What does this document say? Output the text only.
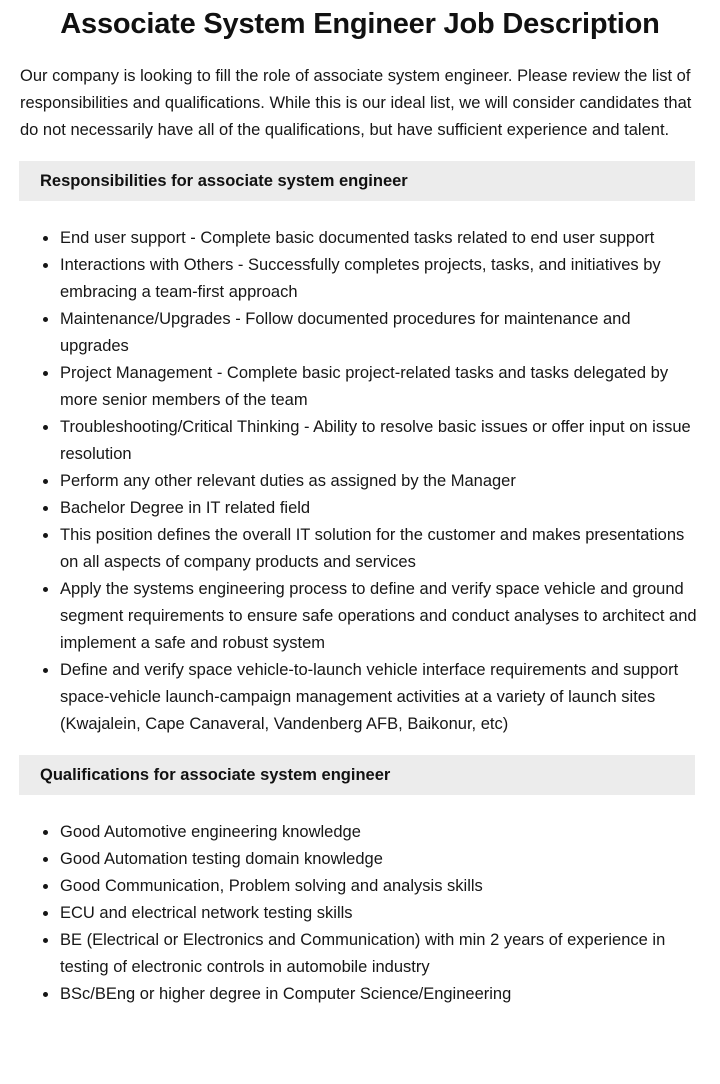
Associate System Engineer Job Description

Our company is looking to fill the role of associate system engineer. Please review the list of responsibilities and qualifications. While this is our ideal list, we will consider candidates that do not necessarily have all of the qualifications, but have sufficient experience and talent.

Responsibilities for associate system engineer
End user support - Complete basic documented tasks related to end user support
Interactions with Others - Successfully completes projects, tasks, and initiatives by embracing a team-first approach
Maintenance/Upgrades - Follow documented procedures for maintenance and upgrades
Project Management - Complete basic project-related tasks and tasks delegated by more senior members of the team
Troubleshooting/Critical Thinking - Ability to resolve basic issues or offer input on issue resolution
Perform any other relevant duties as assigned by the Manager
Bachelor Degree in IT related field
This position defines the overall IT solution for the customer and makes presentations on all aspects of company products and services
Apply the systems engineering process to define and verify space vehicle and ground segment requirements to ensure safe operations and conduct analyses to architect and implement a safe and robust system
Define and verify space vehicle-to-launch vehicle interface requirements and support space-vehicle launch-campaign management activities at a variety of launch sites (Kwajalein, Cape Canaveral, Vandenberg AFB, Baikonur, etc)
Qualifications for associate system engineer
Good Automotive engineering knowledge
Good Automation testing domain knowledge
Good Communication, Problem solving and analysis skills
ECU and electrical network testing skills
BE (Electrical or Electronics and Communication) with min 2 years of experience in testing of electronic controls in automobile industry
BSc/BEng or higher degree in Computer Science/Engineering
